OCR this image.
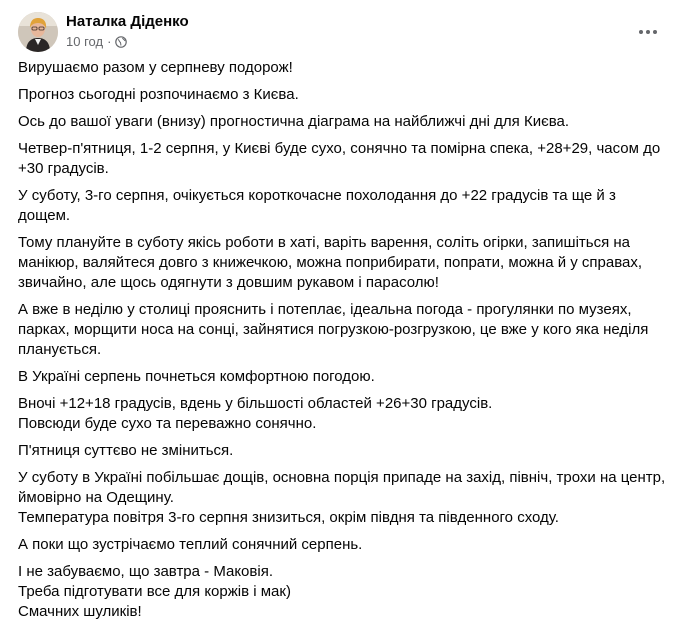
Наталка Діденко
10 год ·

Вирушаємо разом у серпневу подорож!

Прогноз сьогодні розпочинаємо з Києва.

Ось до вашої уваги (внизу) прогностична діаграма на найближчі дні для Києва.

Четвер-п'ятниця, 1-2 серпня, у Києві буде сухо, сонячно та помірна спека, +28+29, часом до
+30 градусів.

У суботу, 3-го серпня, очікується короткочасне похолодання до +22 градусів та ще й з
дощем.

Тому плануйте в суботу якісь роботи в хаті, варіть варення, соліть огірки, запишіться на
манікюр, валяйтеся довго з книжечкою, можна поприбирати, попрати, можна й у справах,
звичайно, але щось одягнути з довшим рукавом і парасолю!

А вже в неділю у столиці прояснить і потеплає, ідеальна погода - прогулянки по музеях,
парках, морщити носа на сонці, зайнятися погрузкою-розгрузкою, це вже у кого яка неділя
планується.

В Україні серпень почнеться комфортною погодою.

Вночі +12+18 градусів, вдень у більшості областей +26+30 градусів.
Повсюди буде сухо та переважно сонячно.

П'ятниця суттєво не зміниться.

У суботу в Україні побільшає дощів, основна порція припаде на захід, північ, трохи на центр,
ймовірно на Одещину.
Температура повітря 3-го серпня знизиться, окрім півдня та південного сходу.

А поки що зустрічаємо теплий сонячний серпень.

І не забуваємо, що завтра - Маковія.
Треба підготувати все для коржів і мак)
Смачних шуликів!
